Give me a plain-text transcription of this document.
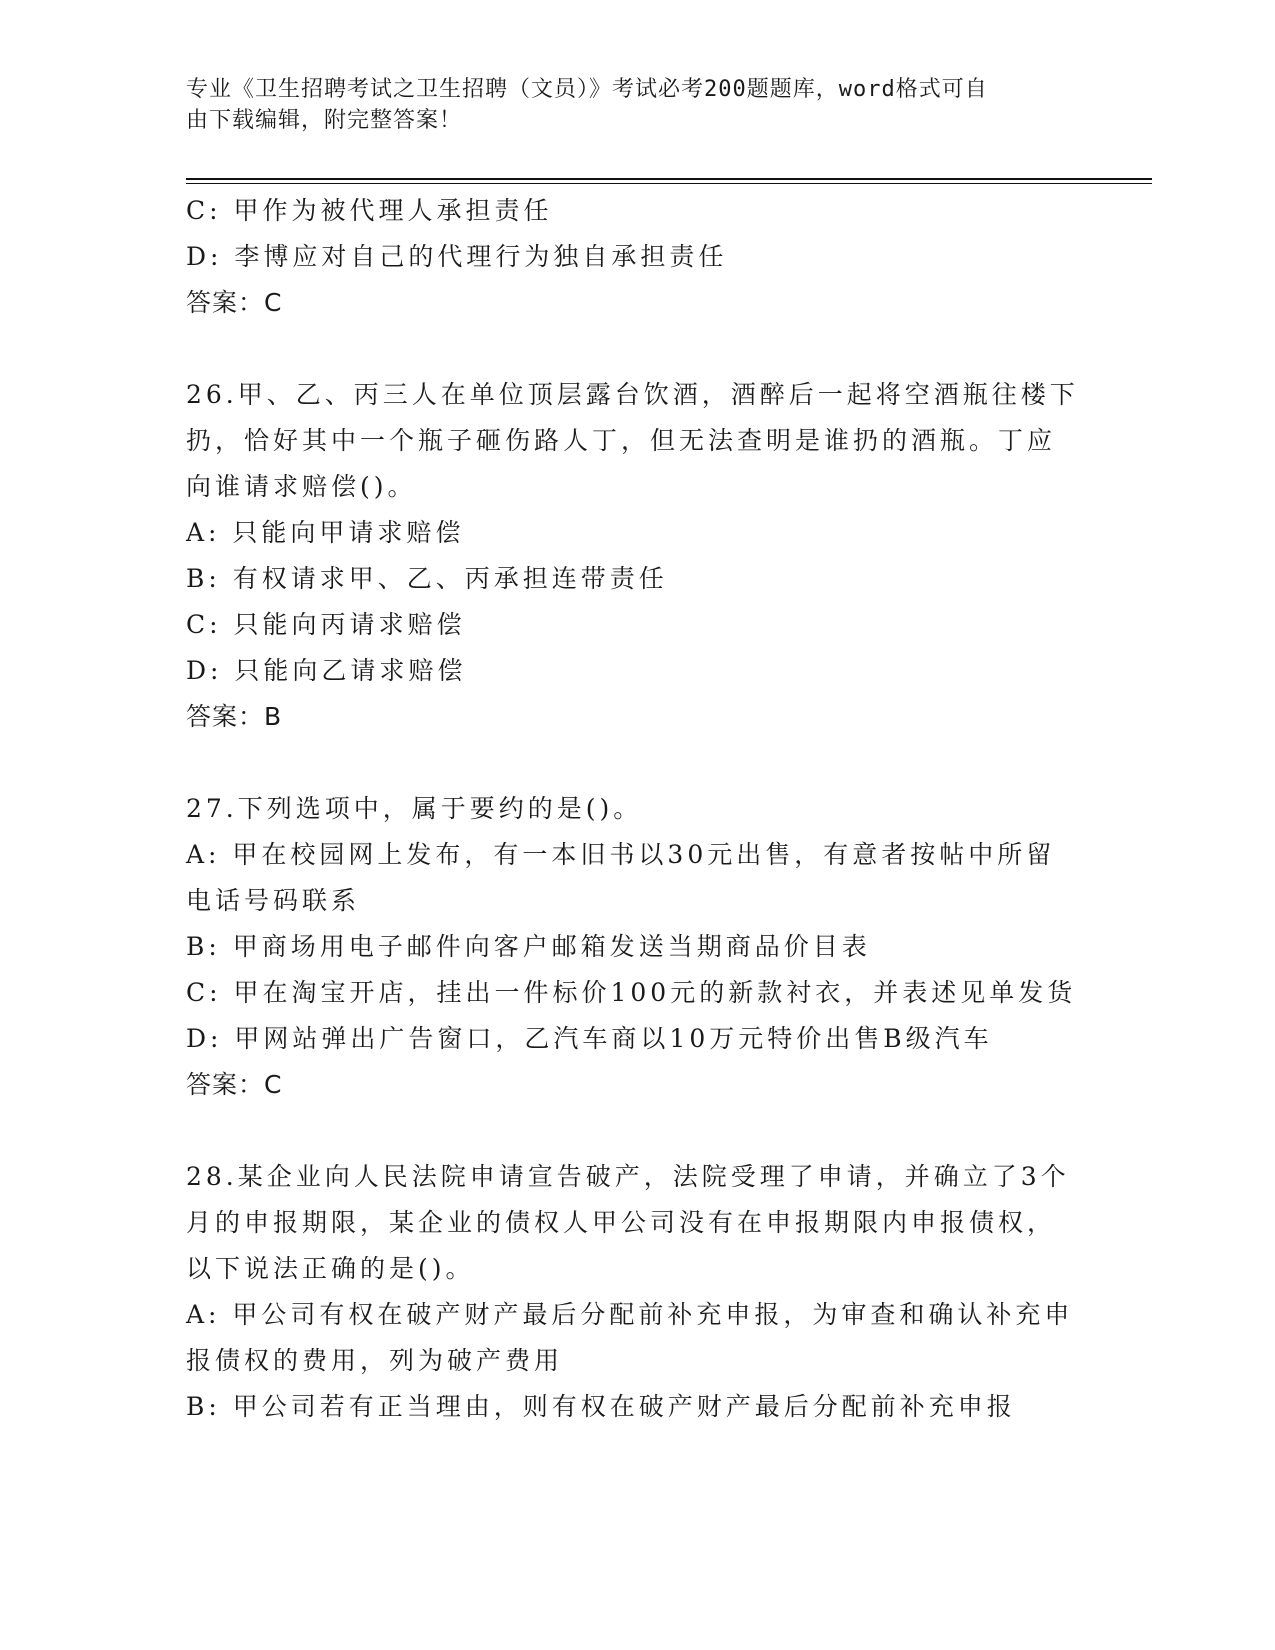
专业《卫生招聘考试之卫生招聘（文员）》考试必考200题题库，word格式可自
由下载编辑，附完整答案！
C: 甲作为被代理人承担责任
D: 李博应对自己的代理行为独自承担责任
答案：C
26.甲、乙、丙三人在单位顶层露台饮酒，酒醉后一起将空酒瓶往楼下
扔，恰好其中一个瓶子砸伤路人丁，但无法查明是谁扔的酒瓶。丁应
向谁请求赔偿()。
A: 只能向甲请求赔偿
B: 有权请求甲、乙、丙承担连带责任
C: 只能向丙请求赔偿
D: 只能向乙请求赔偿
答案：B
27.下列选项中，属于要约的是()。
A: 甲在校园网上发布，有一本旧书以30元出售，有意者按帖中所留
电话号码联系
B: 甲商场用电子邮件向客户邮箱发送当期商品价目表
C: 甲在淘宝开店，挂出一件标价100元的新款衬衣，并表述见单发货
D: 甲网站弹出广告窗口，乙汽车商以10万元特价出售B级汽车
答案：C
28.某企业向人民法院申请宣告破产，法院受理了申请，并确立了3个
月的申报期限，某企业的债权人甲公司没有在申报期限内申报债权，
以下说法正确的是()。
A: 甲公司有权在破产财产最后分配前补充申报，为审查和确认补充申
报债权的费用，列为破产费用
B: 甲公司若有正当理由，则有权在破产财产最后分配前补充申报
